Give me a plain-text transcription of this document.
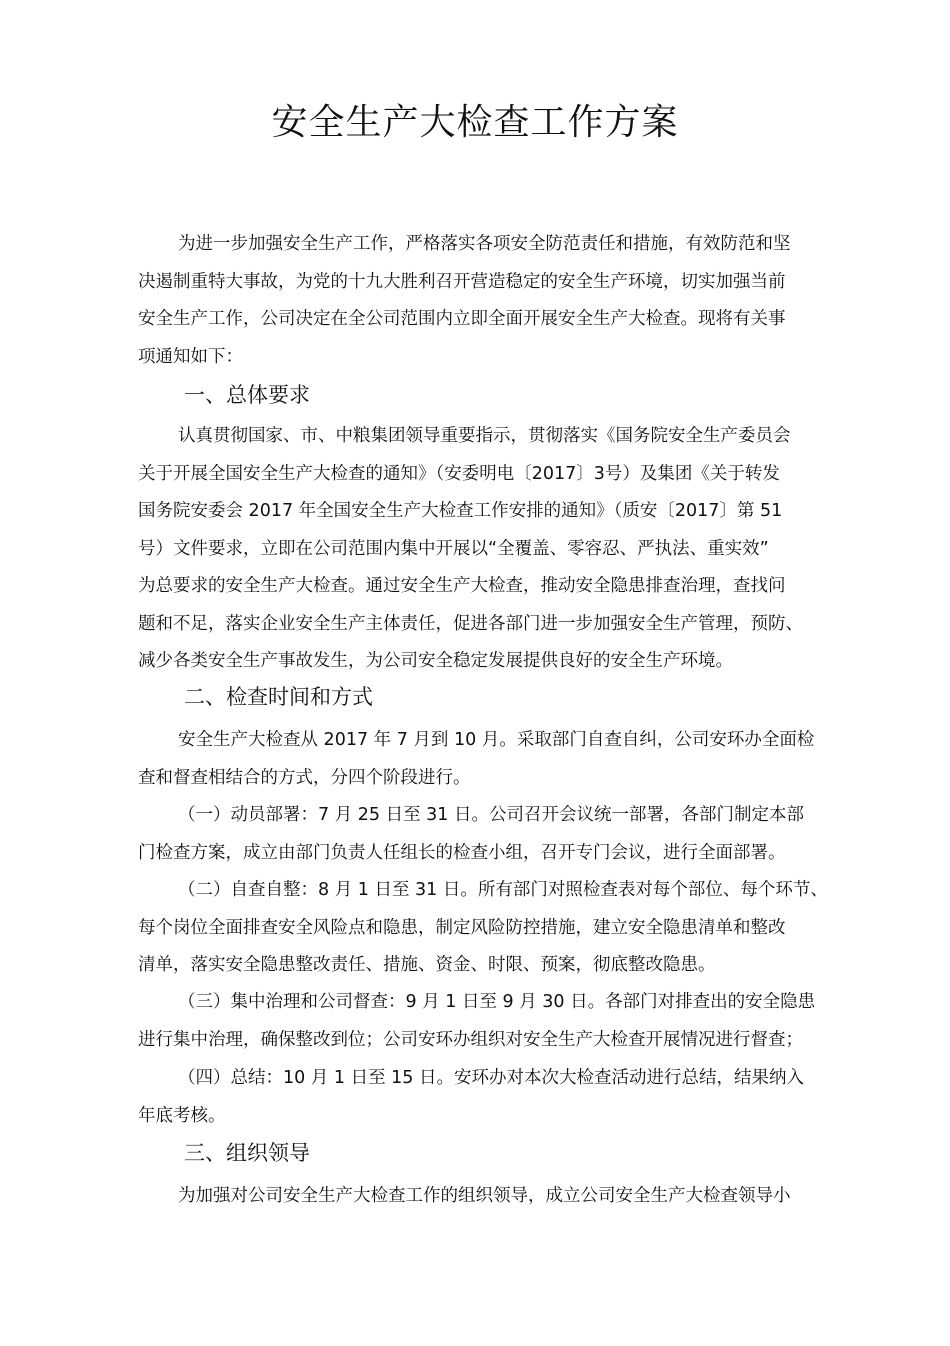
安全生产大检查工作方案
为进一步加强安全生产工作，严格落实各项安全防范责任和措施，有效防范和坚
决遏制重特大事故，为党的十九大胜利召开营造稳定的安全生产环境，切实加强当前
安全生产工作，公司决定在全公司范围内立即全面开展安全生产大检查。现将有关事
项通知如下：
一、总体要求
认真贯彻国家、市、中粮集团领导重要指示，贯彻落实《国务院安全生产委员会
关于开展全国安全生产大检查的通知》（安委明电〔2017〕3号）及集团《关于转发
国务院安委会 2017 年全国安全生产大检查工作安排的通知》（质安〔2017〕第 51
号）文件要求，立即在公司范围内集中开展以“全覆盖、零容忍、严执法、重实效”
为总要求的安全生产大检查。通过安全生产大检查，推动安全隐患排查治理，查找问
题和不足，落实企业安全生产主体责任，促进各部门进一步加强安全生产管理，预防、
减少各类安全生产事故发生，为公司安全稳定发展提供良好的安全生产环境。
二、检查时间和方式
安全生产大检查从 2017 年 7 月到 10 月。采取部门自查自纠，公司安环办全面检
查和督查相结合的方式，分四个阶段进行。
（一）动员部署：7 月 25 日至 31 日。公司召开会议统一部署，各部门制定本部
门检查方案，成立由部门负责人任组长的检查小组，召开专门会议，进行全面部署。
（二）自查自整：8 月 1 日至 31 日。所有部门对照检查表对每个部位、每个环节、
每个岗位全面排查安全风险点和隐患，制定风险防控措施，建立安全隐患清单和整改
清单，落实安全隐患整改责任、措施、资金、时限、预案，彻底整改隐患。
（三）集中治理和公司督查：9 月 1 日至 9 月 30 日。各部门对排查出的安全隐患
进行集中治理，确保整改到位；公司安环办组织对安全生产大检查开展情况进行督查；
（四）总结：10 月 1 日至 15 日。安环办对本次大检查活动进行总结，结果纳入
年底考核。
三、组织领导
为加强对公司安全生产大检查工作的组织领导，成立公司安全生产大检查领导小
